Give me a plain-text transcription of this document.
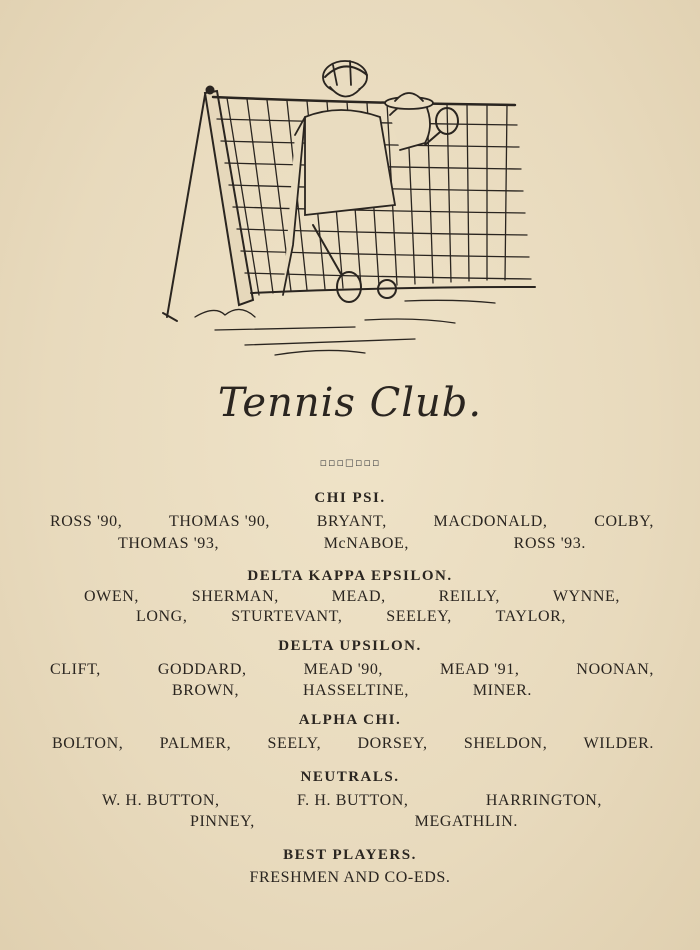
Tennis Club.
▫▫▫◻▫▫▫
CHI PSI.
ROSS '90,	THOMAS '90,	BRYANT,	MACDONALD,	COLBY,
THOMAS '93,	McNABOE,	ROSS '93.
DELTA KAPPA EPSILON.
OWEN,	SHERMAN,	MEAD,	REILLY,	WYNNE,
LONG,	STURTEVANT,	SEELEY,	TAYLOR,
DELTA UPSILON.
CLIFT,	GODDARD,	MEAD '90,	MEAD '91,	NOONAN,
BROWN,	HASSELTINE,	MINER.
ALPHA CHI.
BOLTON, PALMER, SEELY, DORSEY, SHELDON, WILDER.
NEUTRALS.
W. H. BUTTON,	F. H. BUTTON,	HARRINGTON,
PINNEY,	MEGATHLIN.
BEST PLAYERS.
FRESHMEN AND CO-EDS.
